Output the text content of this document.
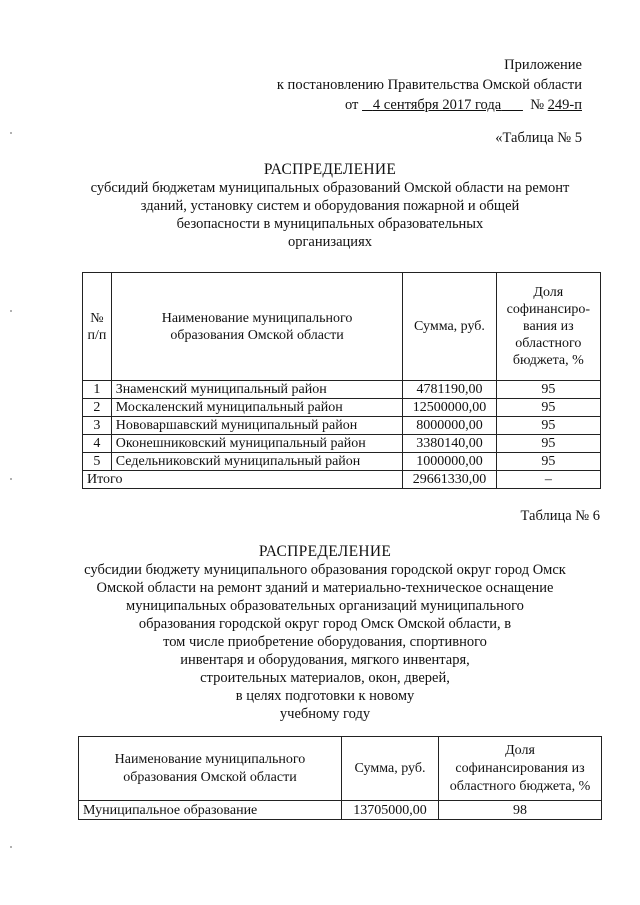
Приложение
к постановлению Правительства Омской области
от 4 сентября 2017 года № 249-п
«Таблица № 5
РАСПРЕДЕЛЕНИЕ
субсидий бюджетам муниципальных образований Омской области на ремонт
зданий, установку систем и оборудования пожарной и общей
безопасности в муниципальных образовательных
организациях
№ п/п	Наименование муниципального образования Омской области	Сумма, руб.	Доля софинансиро-вания из областного бюджета, %
1	Знаменский муниципальный район	4781190,00	95
2	Москаленский муниципальный район	12500000,00	95
3	Нововаршавский муниципальный район	8000000,00	95
4	Оконешниковский муниципальный район	3380140,00	95
5	Седельниковский муниципальный район	1000000,00	95
Итого		29661330,00	–
Таблица № 6
РАСПРЕДЕЛЕНИЕ
субсидии бюджету муниципального образования городской округ город Омск
Омской области на ремонт зданий и материально-техническое оснащение
муниципальных образовательных организаций муниципального
образования городской округ город Омск Омской области, в
том числе приобретение оборудования, спортивного
инвентаря и оборудования, мягкого инвентаря,
строительных материалов, окон, дверей,
в целях подготовки к новому
учебному году
Наименование муниципального образования Омской области	Сумма, руб.	Доля софинансирования из областного бюджета, %
Муниципальное образование	13705000,00	98
